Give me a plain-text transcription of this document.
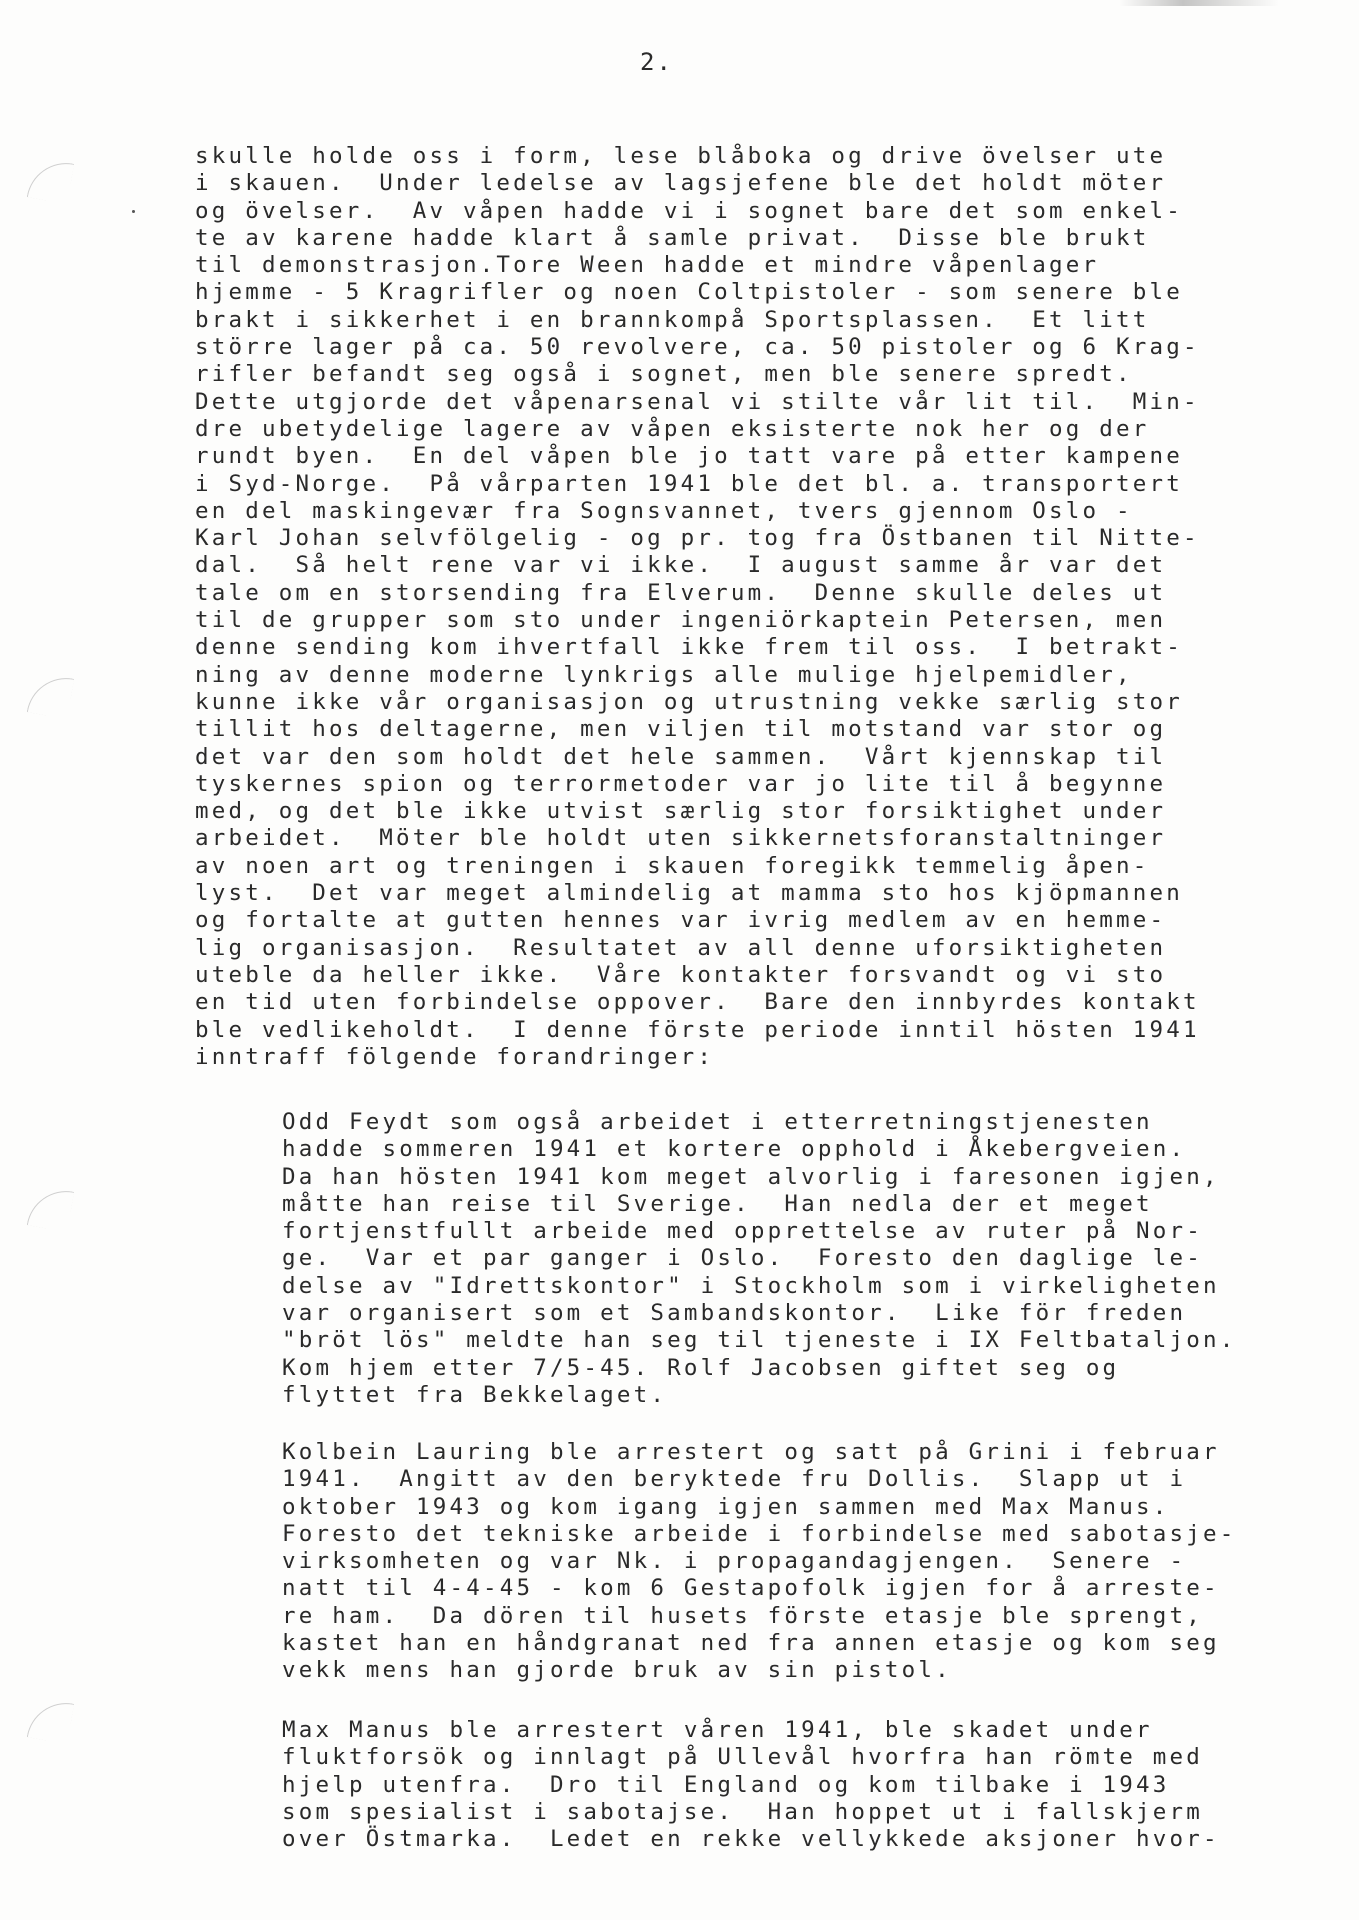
2.
skulle holde oss i form, lese blåboka og drive övelser ute
i skauen.  Under ledelse av lagsjefene ble det holdt möter
og övelser.  Av våpen hadde vi i sognet bare det som enkel-
te av karene hadde klart å samle privat.  Disse ble brukt
til demonstrasjon.Tore Ween hadde et mindre våpenlager
hjemme - 5 Kragrifler og noen Coltpistoler - som senere ble
brakt i sikkerhet i en brannkompå Sportsplassen.  Et litt
större lager på ca. 50 revolvere, ca. 50 pistoler og 6 Krag-
rifler befandt seg også i sognet, men ble senere spredt.
Dette utgjorde det våpenarsenal vi stilte vår lit til.  Min-
dre ubetydelige lagere av våpen eksisterte nok her og der
rundt byen.  En del våpen ble jo tatt vare på etter kampene
i Syd-Norge.  På vårparten 1941 ble det bl. a. transportert
en del maskingevær fra Sognsvannet, tvers gjennom Oslo -
Karl Johan selvfölgelig - og pr. tog fra Östbanen til Nitte-
dal.  Så helt rene var vi ikke.  I august samme år var det
tale om en storsending fra Elverum.  Denne skulle deles ut
til de grupper som sto under ingeniörkaptein Petersen, men
denne sending kom ihvertfall ikke frem til oss.  I betrakt-
ning av denne moderne lynkrigs alle mulige hjelpemidler,
kunne ikke vår organisasjon og utrustning vekke særlig stor
tillit hos deltagerne, men viljen til motstand var stor og
det var den som holdt det hele sammen.  Vårt kjennskap til
tyskernes spion og terrormetoder var jo lite til å begynne
med, og det ble ikke utvist særlig stor forsiktighet under
arbeidet.  Möter ble holdt uten sikkernetsforanstaltninger
av noen art og treningen i skauen foregikk temmelig åpen-
lyst.  Det var meget almindelig at mamma sto hos kjöpmannen
og fortalte at gutten hennes var ivrig medlem av en hemme-
lig organisasjon.  Resultatet av all denne uforsiktigheten
uteble da heller ikke.  Våre kontakter forsvandt og vi sto
en tid uten forbindelse oppover.  Bare den innbyrdes kontakt
ble vedlikeholdt.  I denne förste periode inntil hösten 1941
inntraff fölgende forandringer:
Odd Feydt som også arbeidet i etterretningstjenesten
hadde sommeren 1941 et kortere opphold i Åkebergveien.
Da han hösten 1941 kom meget alvorlig i faresonen igjen,
måtte han reise til Sverige.  Han nedla der et meget
fortjenstfullt arbeide med opprettelse av ruter på Nor-
ge.  Var et par ganger i Oslo.  Foresto den daglige le-
delse av "Idrettskontor" i Stockholm som i virkeligheten
var organisert som et Sambandskontor.  Like för freden
"bröt lös" meldte han seg til tjeneste i IX Feltbataljon.
Kom hjem etter 7/5-45. Rolf Jacobsen giftet seg og
flyttet fra Bekkelaget.
Kolbein Lauring ble arrestert og satt på Grini i februar
1941.  Angitt av den beryktede fru Dollis.  Slapp ut i
oktober 1943 og kom igang igjen sammen med Max Manus.
Foresto det tekniske arbeide i forbindelse med sabotasje-
virksomheten og var Nk. i propagandagjengen.  Senere -
natt til 4-4-45 - kom 6 Gestapofolk igjen for å arreste-
re ham.  Da dören til husets förste etasje ble sprengt,
kastet han en håndgranat ned fra annen etasje og kom seg
vekk mens han gjorde bruk av sin pistol.
Max Manus ble arrestert våren 1941, ble skadet under
fluktforsök og innlagt på Ullevål hvorfra han römte med
hjelp utenfra.  Dro til England og kom tilbake i 1943
som spesialist i sabotajse.  Han hoppet ut i fallskjerm
over Östmarka.  Ledet en rekke vellykkede aksjoner hvor-
